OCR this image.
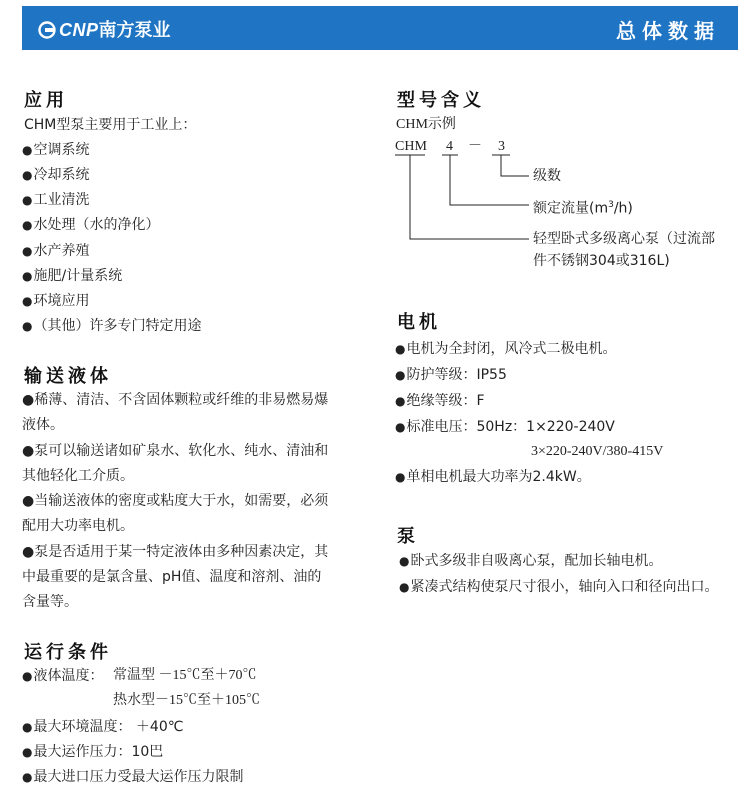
CNP南方泵业	总体数据
应用
CHM型泵主要用于工业上：
● 空调系统
● 冷却系统
● 工业清洗
● 水处理（水的净化）
● 水产养殖
● 施肥/计量系统
● 环境应用
● （其他）许多专门特定用途
输送液体
●稀薄、清洁、不含固体颗粒或纤维的非易燃易爆
液体。
●泵可以输送诸如矿泉水、软化水、纯水、清油和
其他轻化工介质。
●当输送液体的密度或粘度大于水，如需要，必须
配用大功率电机。
●泵是否适用于某一特定液体由多种因素决定，其
中最重要的是氯含量、pH值、温度和溶剂、油的
含量等。
运行条件
● 液体温度： 常温型 －15℃至＋70℃
热水型－15℃至＋105℃
● 最大环境温度： ＋40℃
● 最大运作压力：10巴
● 最大进口压力受最大运作压力限制
型号含义
CHM示例
CHM 4 － 3
级数
额定流量$(m^3/h)$
轻型卧式多级离心泵（过流部
件不锈钢304或316L)
电机
● 电机为全封闭，风冷式二极电机。
● 防护等级：IP55
● 绝缘等级：F
● 标准电压：50Hz：1×220-240V
3×220-240V/380-415V
● 单相电机最大功率为2.4kW。
泵
● 卧式多级非自吸离心泵，配加长轴电机。
● 紧凑式结构使泵尺寸很小，轴向入口和径向出口。
